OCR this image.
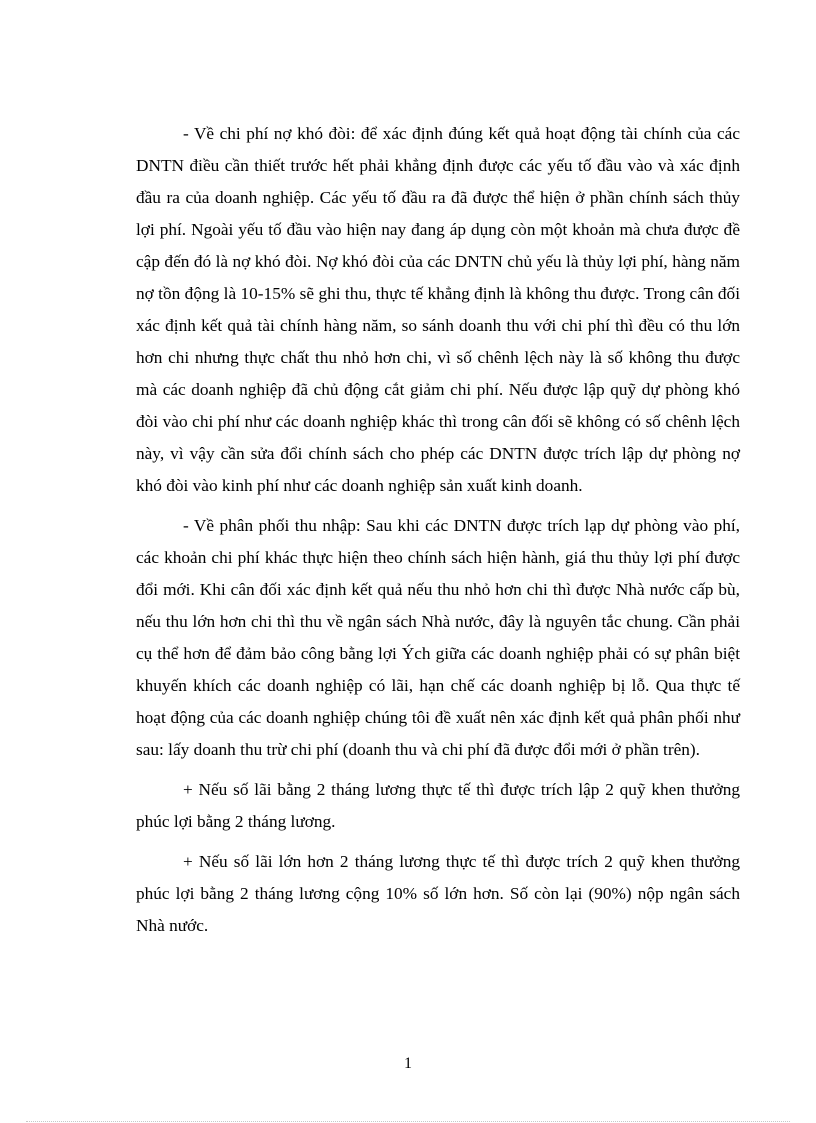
- Về chi phí nợ khó đòi: để xác định đúng kết quả hoạt động tài chính của các DNTN điều cần thiết trước hết phải khẳng định được các yếu tố đầu vào và xác định đầu ra của doanh nghiệp. Các yếu tố đầu ra đã được thể hiện ở phần chính sách thủy lợi phí. Ngoài yếu tố đầu vào hiện nay đang áp dụng còn một khoản mà chưa được đề cập đến đó là nợ khó đòi. Nợ khó đòi của các DNTN chủ yếu là thủy lợi phí, hàng năm nợ tồn động là 10-15% sẽ ghi thu, thực tế khẳng định là không thu được. Trong cân đối xác định kết quả tài chính hàng năm, so sánh doanh thu với chi phí thì đều có thu lớn hơn chi nhưng thực chất thu nhỏ hơn chi, vì số chênh lệch này là số không thu được mà các doanh nghiệp đã chủ động cắt giảm chi phí. Nếu được lập quỹ dự phòng khó đòi vào chi phí như các doanh nghiệp khác thì trong cân đối sẽ không có số chênh lệch này, vì vậy cần sửa đổi chính sách cho phép các DNTN được trích lập dự phòng nợ khó đòi vào kinh phí như các doanh nghiệp sản xuất kinh doanh.

- Về phân phối thu nhập: Sau khi các DNTN được trích lạp dự phòng vào phí, các khoản chi phí khác thực hiện theo chính sách hiện hành, giá thu thủy lợi phí được đổi mới. Khi cân đối xác định kết quả nếu thu nhỏ hơn chi thì được Nhà nước cấp bù, nếu thu lớn hơn chi thì thu về ngân sách Nhà nước, đây là nguyên tắc chung. Cần phải cụ thể hơn để đảm bảo công bằng lợi Ých giữa các doanh nghiệp phải có sự phân biệt khuyến khích các doanh nghiệp có lãi, hạn chế các doanh nghiệp bị lỗ. Qua thực tế hoạt động của các doanh nghiệp chúng tôi đề xuất nên xác định kết quả phân phối như sau: lấy doanh thu trừ chi phí (doanh thu và chi phí đã được đổi mới ở phần trên).

+ Nếu số lãi bằng 2 tháng lương thực tế thì được trích lập 2 quỹ khen thưởng phúc lợi bằng 2 tháng lương.

+ Nếu số lãi lớn hơn 2 tháng lương thực tế thì được trích 2 quỹ khen thưởng phúc lợi bằng 2 tháng lương cộng 10% số lớn hơn. Số còn lại (90%) nộp ngân sách Nhà nước.

1
